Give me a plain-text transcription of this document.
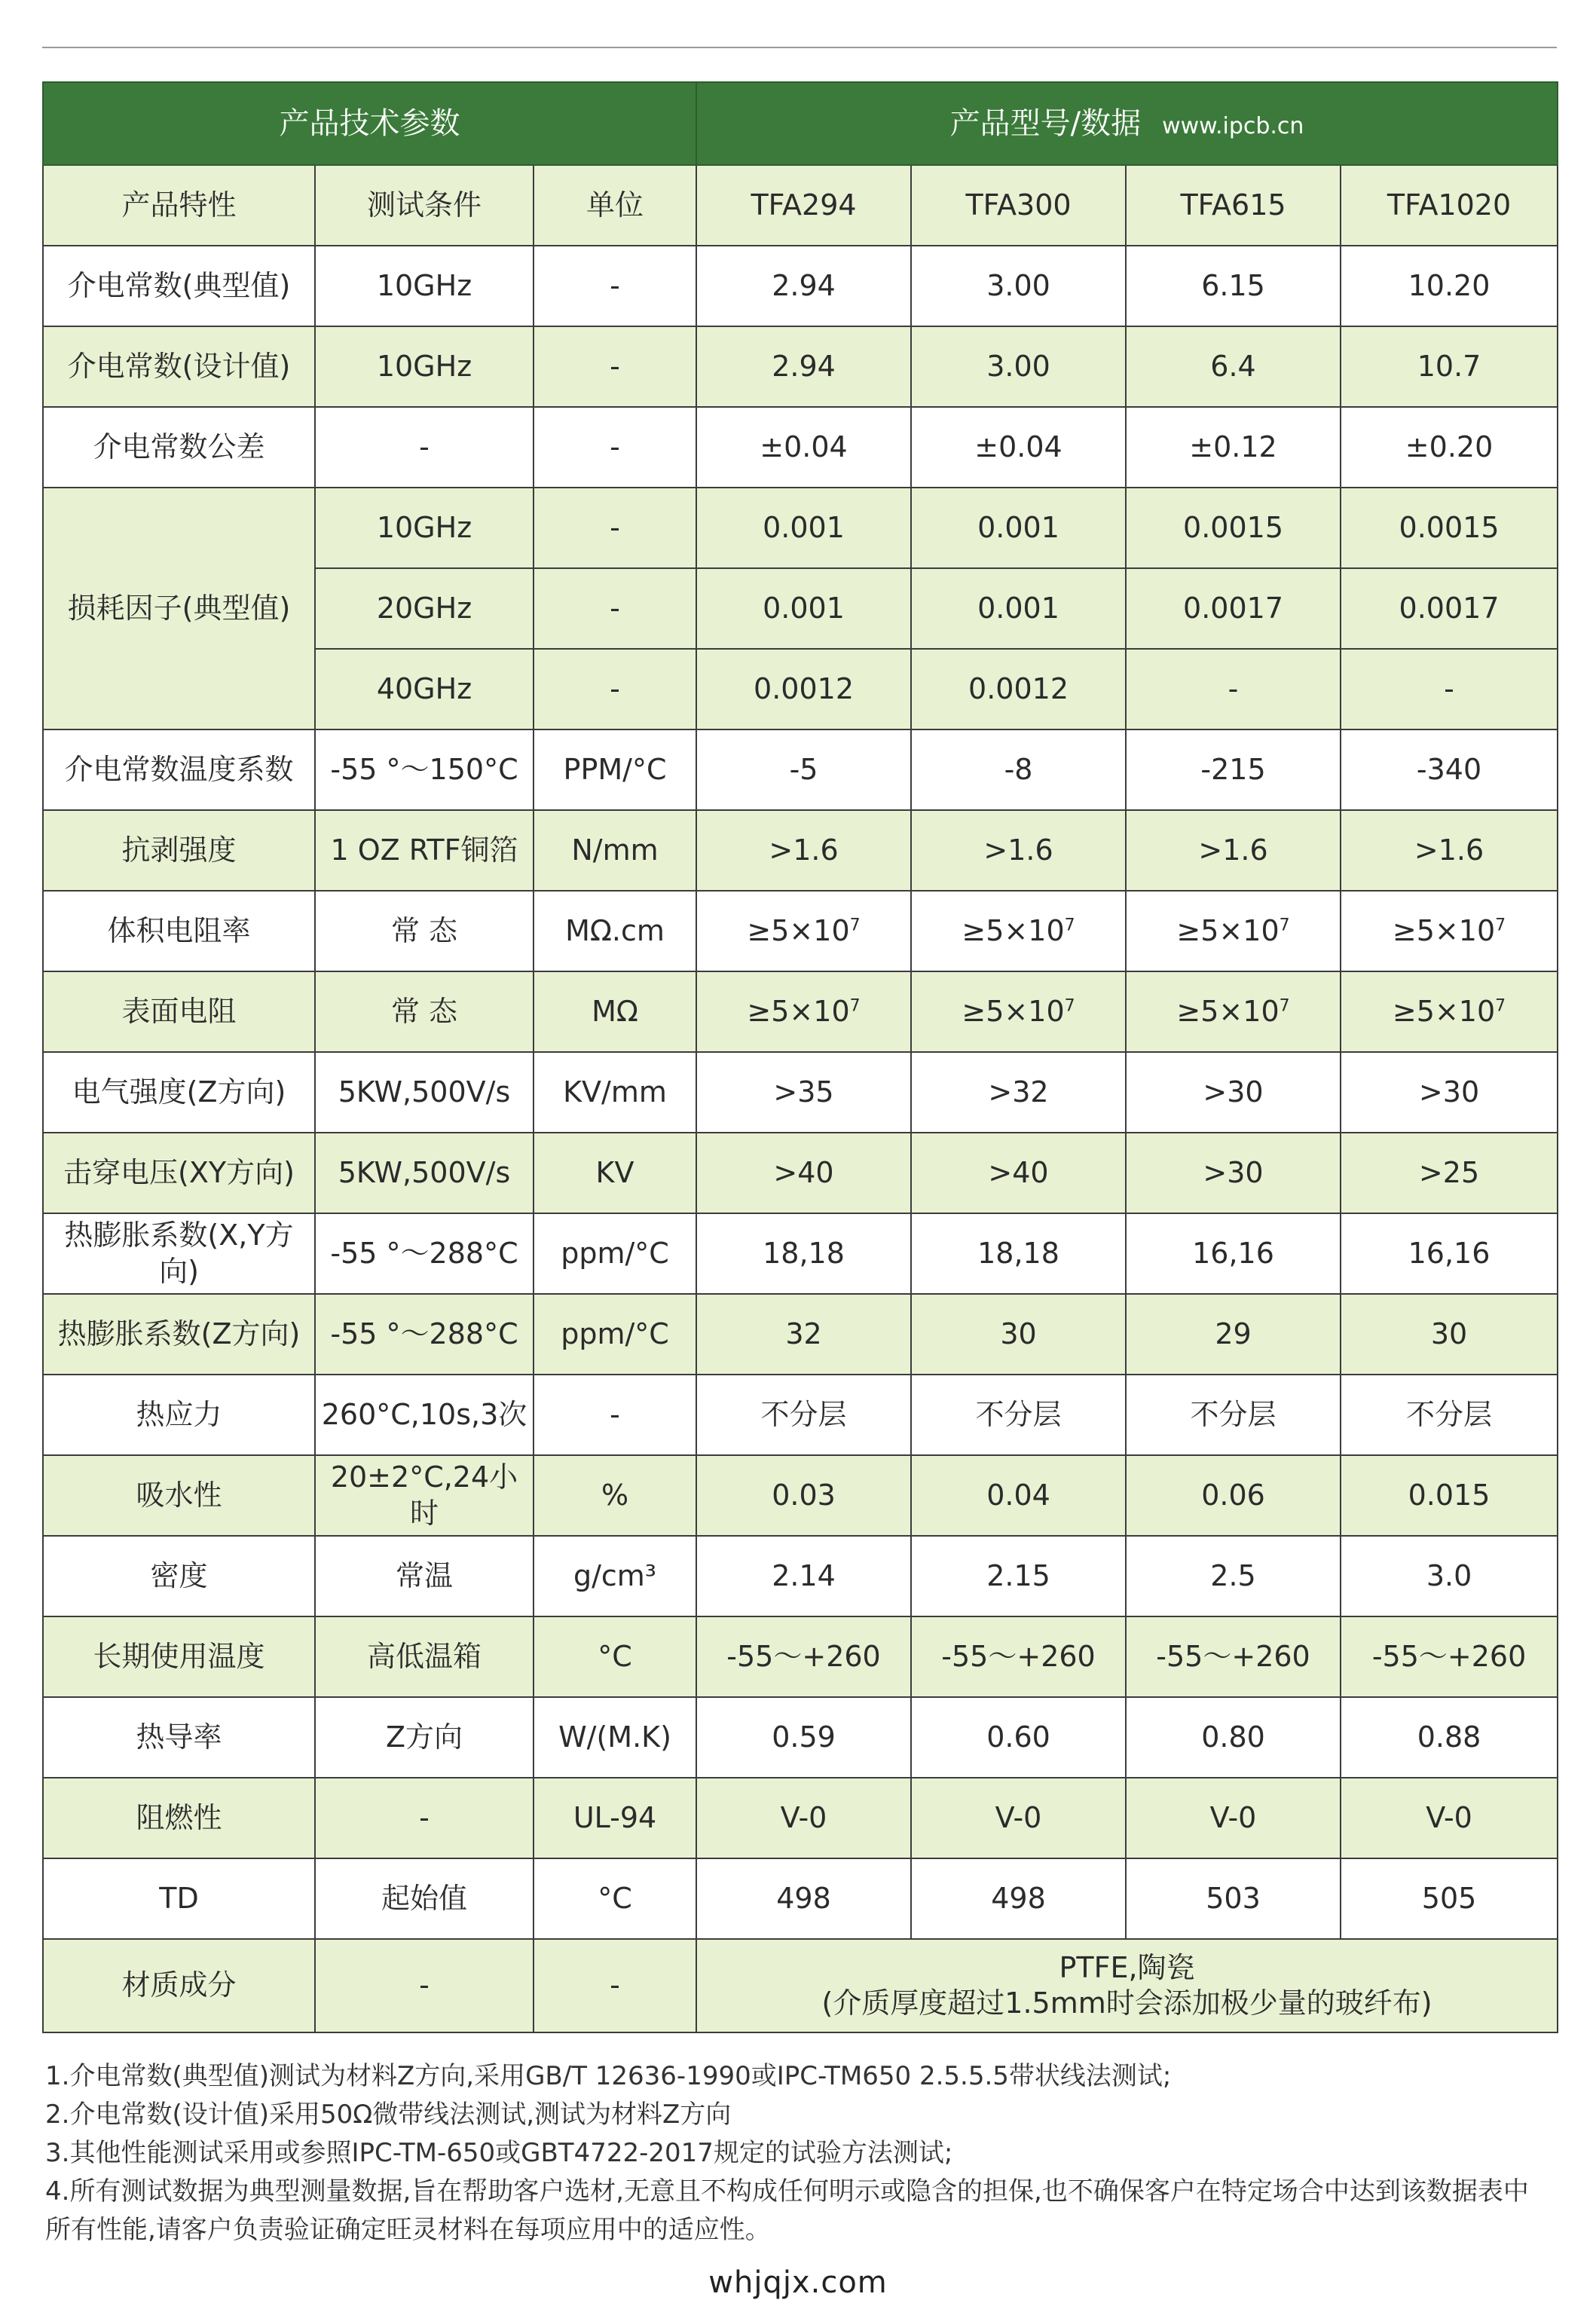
产品技术参数			产品型号/数据 www.ipcb.cn			
产品特性	测试条件	单位	TFA294	TFA300	TFA615	TFA1020
介电常数(典型值)	10GHz	-	2.94	3.00	6.15	10.20
介电常数(设计值)	10GHz	-	2.94	3.00	6.4	10.7
介电常数公差	-	-	±0.04	±0.04	±0.12	±0.20
损耗因子(典型值)	10GHz	-	0.001	0.001	0.0015	0.0015
	20GHz	-	0.001	0.001	0.0017	0.0017
	40GHz	-	0.0012	0.0012	-	-
介电常数温度系数	-55 °～150°C	PPM/°C	-5	-8	-215	-340
抗剥强度	1 OZ RTF铜箔	N/mm	>1.6	>1.6	>1.6	>1.6
体积电阻率	常 态	MΩ.cm	$\ge 5\times 10^7$	$\ge 5\times 10^7$	$\ge 5\times 10^7$	$\ge 5\times 10^7$
表面电阻	常 态	MΩ	$\ge 5\times 10^7$	$\ge 5\times 10^7$	$\ge 5\times 10^7$	$\ge 5\times 10^7$
电气强度(Z方向)	5KW,500V/s	KV/mm	>35	>32	>30	>30
击穿电压(XY方向)	5KW,500V/s	KV	>40	>40	>30	>25
热膨胀系数(X,Y方向)	-55 °～288°C	ppm/°C	18,18	18,18	16,16	16,16
热膨胀系数(Z方向)	-55 °～288°C	ppm/°C	32	30	29	30
热应力	260°C,10s,3次	-	不分层	不分层	不分层	不分层
吸水性	20±2°C,24小时	%	0.03	0.04	0.06	0.015
密度	常温	g/cm³	2.14	2.15	2.5	3.0
长期使用温度	高低温箱	°C	-55～+260	-55～+260	-55～+260	-55～+260
热导率	Z方向	W/(M.K)	0.59	0.60	0.80	0.88
阻燃性	-	UL-94	V-0	V-0	V-0	V-0
TD	起始值	°C	498	498	503	505
材质成分	-	-	PTFE,陶瓷
(介质厚度超过1.5mm时会添加极少量的玻纤布)			
1.介电常数(典型值)测试为材料Z方向,采用GB/T 12636-1990或IPC-TM650 2.5.5.5带状线法测试;
2.介电常数(设计值)采用50Ω微带线法测试,测试为材料Z方向
3.其他性能测试采用或参照IPC-TM-650或GBT4722-2017规定的试验方法测试;
4.所有测试数据为典型测量数据,旨在帮助客户选材,无意且不构成任何明示或隐含的担保,也不确保客户在特定场合中达到该数据表中所有性能,请客户负责验证确定旺灵材料在每项应用中的适应性。
whjqjx.com
